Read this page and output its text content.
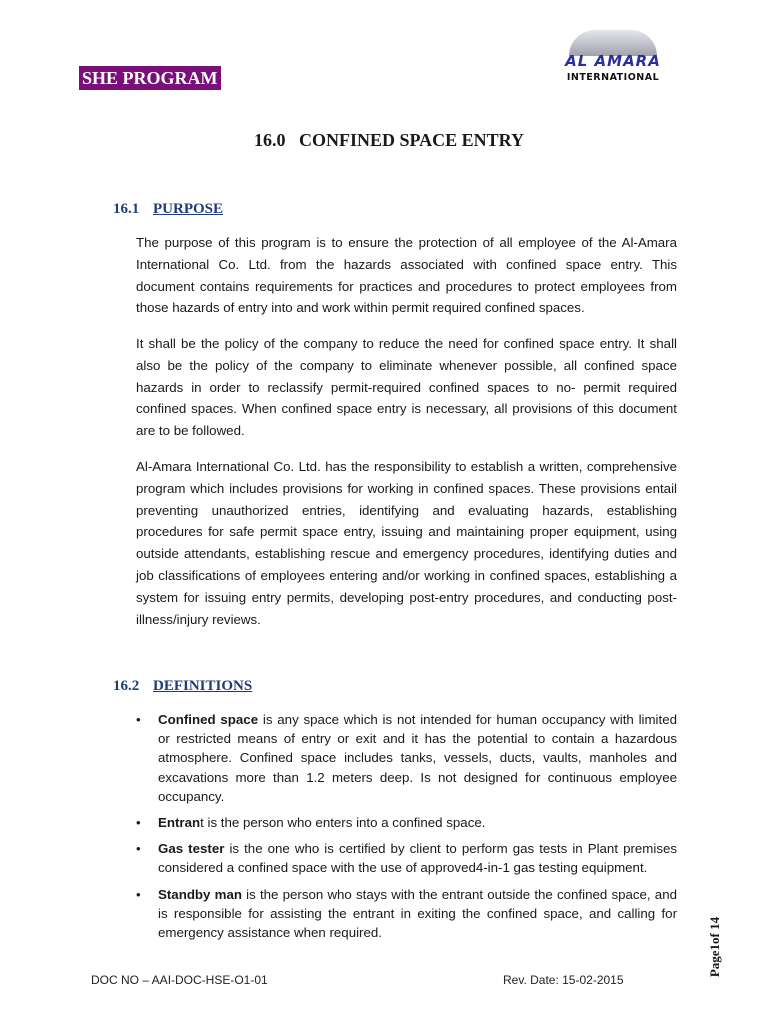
SHE PROGRAM
AL AMARA
INTERNATIONAL
16.0   CONFINED SPACE ENTRY
16.1 PURPOSE

The purpose of this program is to ensure the protection of all employee of the Al-Amara International Co. Ltd. from the hazards associated with confined space entry. This document contains requirements for practices and procedures to protect employees from those hazards of entry into and work within permit required confined spaces.

It shall be the policy of the company to reduce the need for confined space entry. It shall also be the policy of the company to eliminate whenever possible, all confined space hazards in order to reclassify permit-required confined spaces to no- permit required confined spaces. When confined space entry is necessary, all provisions of this document are to be followed.

Al-Amara International Co. Ltd. has the responsibility to establish a written, comprehensive program which includes provisions for working in confined spaces. These provisions entail preventing unauthorized entries, identifying and evaluating hazards, establishing procedures for safe permit space entry, issuing and maintaining proper equipment, using outside attendants, establishing rescue and emergency procedures, identifying duties and job classifications of employees entering and/or working in confined spaces, establishing a system for issuing entry permits, developing post-entry procedures, and conducting post-illness/injury reviews.

16.2 DEFINITIONS
• Confined space is any space which is not intended for human occupancy with limited or restricted means of entry or exit and it has the potential to contain a hazardous atmosphere. Confined space includes tanks, vessels, ducts, vaults, manholes and excavations more than 1.2 meters deep. Is not designed for continuous employee occupancy.
• Entrant is the person who enters into a confined space.
• Gas tester is the one who is certified by client to perform gas tests in Plant premises considered a confined space with the use of approved4-in-1 gas testing equipment.
• Standby man is the person who stays with the entrant outside the confined space, and is responsible for assisting the entrant in exiting the confined space, and calling for emergency assistance when required.
DOC NO – AAI-DOC-HSE-O1-01	Rev. Date: 15-02-2015
Page1of 14
